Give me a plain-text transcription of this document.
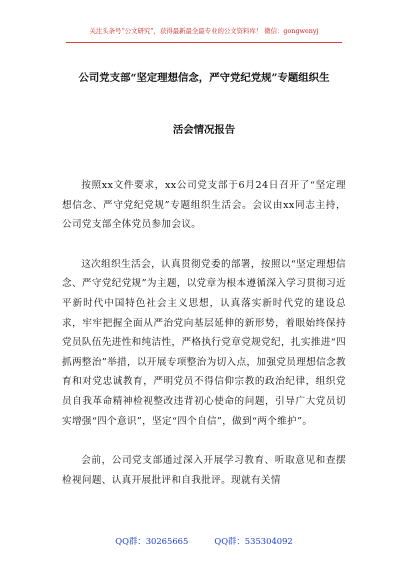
关注头条号“公文研究”，获得最新最全最专业的公文资料库！ 微信：gongwenyj
公司党支部“坚定理想信念，严守党纪党规”专题组织生
活会情况报告

按照xx文件要求，xx公司党支部于6月24日召开了“坚定理想信念、严守党纪党规”专题组织生活会。会议由xx同志主持，公司党支部全体党员参加会议。

这次组织生活会，认真贯彻党委的部署，按照以“坚定理想信念、严守党纪党规”为主题，以党章为根本遵循深入学习贯彻习近平新时代中国特色社会主义思想，认真落实新时代党的建设总求，牢牢把握全面从严治党向基层延伸的新形势，着眼始终保持党员队伍先进性和纯洁性，严格执行党章党规党纪，扎实推进“四抓两整治”举措，以开展专项整治为切入点，加强党员理想信念教育和对党忠诚教育，严明党员不得信仰宗教的政治纪律，组织党员自我革命精神检视整改违背初心使命的问题，引导广大党员切实增强“四个意识”，坚定“四个自信”，做到“两个维护”。

会前，公司党支部通过深入开展学习教育、听取意见和查摆检视问题、认真开展批评和自我批评。现就有关情

QQ群：30265665	QQ群：535304092
